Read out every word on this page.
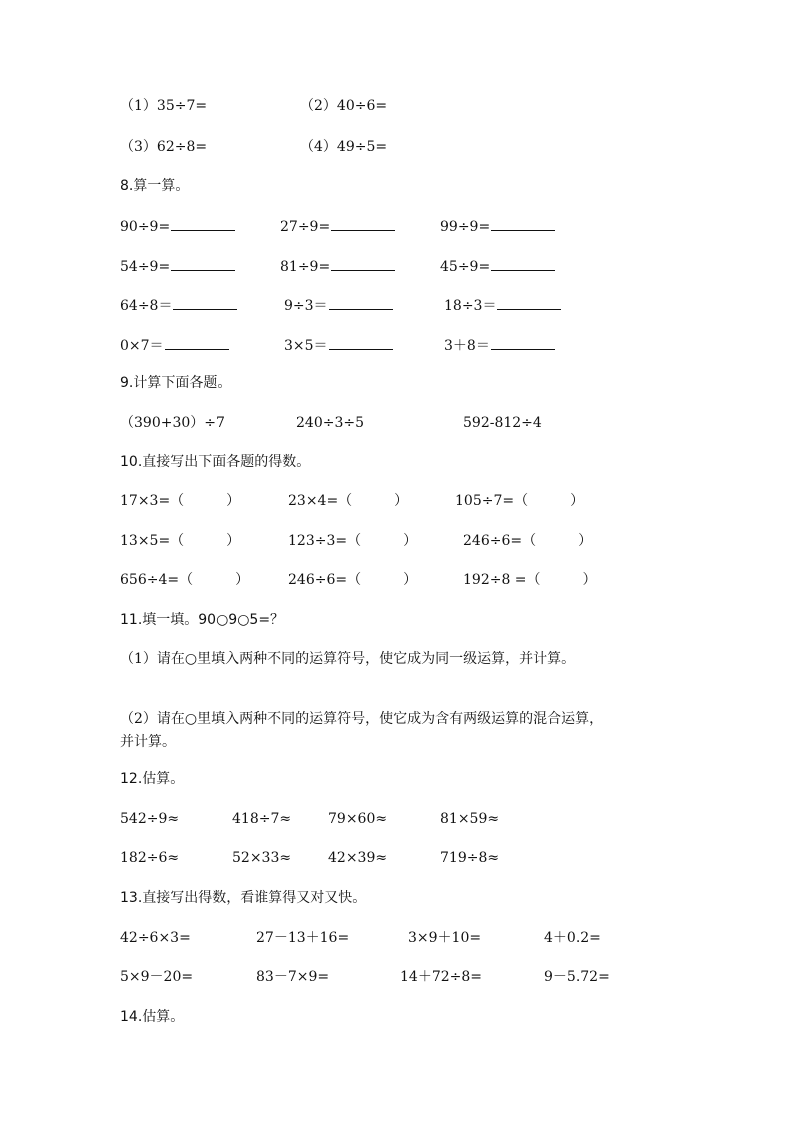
（1）35÷7=	（2）40÷6=
（3）62÷8=	（4）49÷5=
8.算一算。
90÷9=	27÷9=	99÷9=
54÷9=	81÷9=	45÷9=
64÷8＝	9÷3＝	18÷3＝
0×7＝	3×5＝	3＋8＝
9.计算下面各题。
（390+30）÷7	240÷3÷5	592-812÷4
10.直接写出下面各题的得数。
17×3=（　　　）	23×4=（　　　）	105÷7=（　　　）
13×5=（　　　）	123÷3=（　　　）	246÷6=（　　　）
656÷4=（　　　）	246÷6=（　　　）	192÷8 =（　　　）
11.填一填。90○9○5=？
（1）请在○里填入两种不同的运算符号，使它成为同一级运算，并计算。
（2）请在○里填入两种不同的运算符号，使它成为含有两级运算的混合运算，
并计算。
12.估算。
542÷9≈	418÷7≈	79×60≈	81×59≈
182÷6≈	52×33≈	42×39≈	719÷8≈
13.直接写出得数，看谁算得又对又快。
42÷6×3=	27－13＋16=	3×9＋10=	4＋0.2=
5×9－20=	83－7×9=	14＋72÷8=	9－5.72=
14.估算。
